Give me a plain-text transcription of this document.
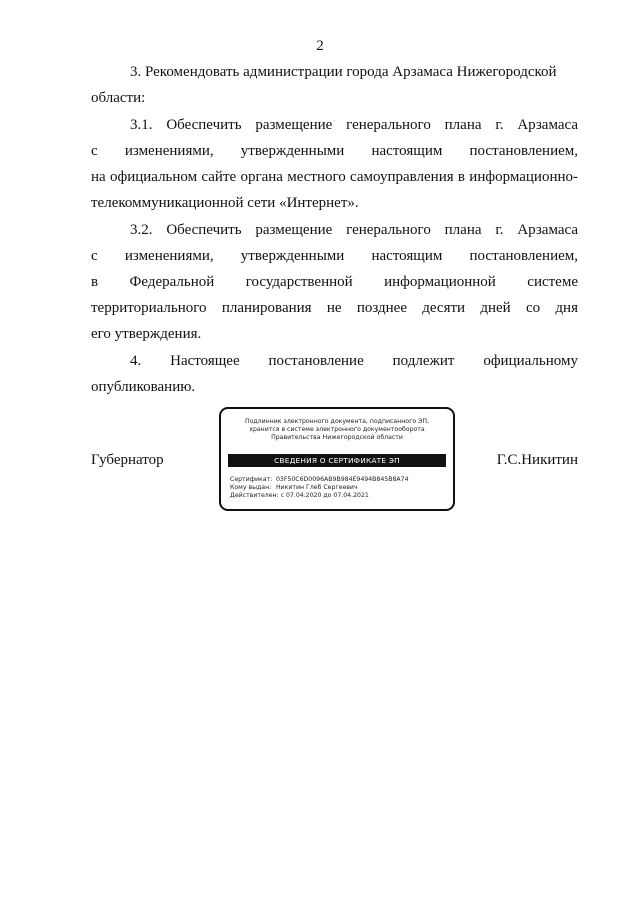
2
3. Рекомендовать администрации города Арзамаса Нижегородской
области:
3.1. Обеспечить размещение генерального плана г. Арзамаса
с изменениями, утвержденными настоящим постановлением,
на официальном сайте органа местного самоуправления в информационно-
телекоммуникационной сети «Интернет».
3.2. Обеспечить размещение генерального плана г. Арзамаса
с изменениями, утвержденными настоящим постановлением,
в Федеральной государственной информационной системе
территориального планирования не позднее десяти дней со дня
его утверждения.
4. Настоящее постановление подлежит официальному
опубликованию.
Губернатор
Подлинник электронного документа, подписанного ЭП,
хранится в системе электронного документооборота
Правительства Нижегородской области
СВЕДЕНИЯ О СЕРТИФИКАТЕ ЭП
Сертификат: 03F50C6D0096AB9B984E9494B845B8A74
Кому выдан: Никитин Глеб Сергеевич
Действителен: с 07.04.2020 до 07.04.2021
Г.С.Никитин
